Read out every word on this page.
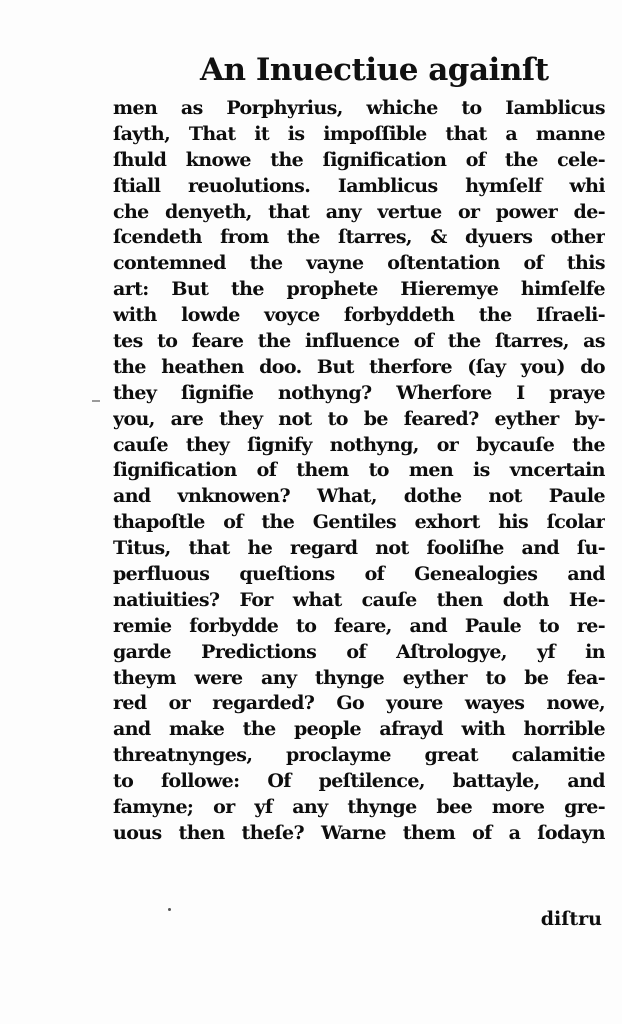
An Inuectiue againſt
men as Porphyrius, whiche to Iamblicus
ſayth, That it is impoſſible that a manne
ſhuld knowe the ſignification of the cele-
ſtiall reuolutions. Iamblicus hymſelf whi
che denyeth, that any vertue or power de-
ſcendeth from the ſtarres, & dyuers other
contemned the vayne oſtentation of this
art: But the prophete Hieremye himſelfe
with lowde voyce forbyddeth the Iſraeli-
tes to feare the influence of the ſtarres, as
the heathen doo. But therfore (ſay you) do
they ſignifie nothyng? Wherfore I praye
you, are they not to be feared? eyther by-
cauſe they ſignify nothyng, or bycauſe the
ſignification of them to men is vncertain
and vnknowen? What, dothe not Paule
thapoſtle of the Gentiles exhort his ſcolar
Titus, that he regard not fooliſhe and ſu-
perfluous queſtions of Genealogies and
natiuities? For what cauſe then doth He-
remie forbydde to feare, and Paule to re-
garde Predictions of Aſtrologye, yf in
theym were any thynge eyther to be fea-
red or regarded? Go youre wayes nowe,
and make the people afrayd with horrible
threatnynges, proclayme great calamitie
to followe: Of peſtilence, battayle, and
famyne; or yf any thynge bee more gre-
uous then theſe? Warne them of a ſodayn
diſtru
